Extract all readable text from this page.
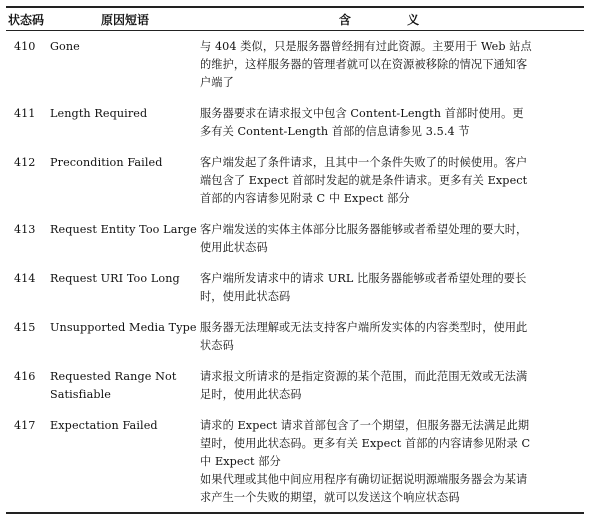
状态码	原因短语	含 义
410	Gone	与 404 类似，只是服务器曾经拥有过此资源。主要用于 Web 站点
的维护，这样服务器的管理者就可以在资源被移除的情况下通知客
户端了

411	Length Required	服务器要求在请求报文中包含 Content-Length 首部时使用。更
多有关 Content-Length 首部的信息请参见 3.5.4 节

412	Precondition Failed	客户端发起了条件请求，且其中一个条件失败了的时候使用。客户
端包含了 Expect 首部时发起的就是条件请求。更多有关 Expect
首部的内容请参见附录 C 中 Expect 部分

413	Request Entity Too Large	客户端发送的实体主体部分比服务器能够或者希望处理的要大时，
使用此状态码

414	Request URI Too Long	客户端所发请求中的请求 URL 比服务器能够或者希望处理的要长
时，使用此状态码

415	Unsupported Media Type	服务器无法理解或无法支持客户端所发实体的内容类型时，使用此
状态码

416	Requested Range Not
Satisfiable	请求报文所请求的是指定资源的某个范围，而此范围无效或无法满
足时，使用此状态码

417	Expectation Failed	请求的 Expect 请求首部包含了一个期望，但服务器无法满足此期
望时，使用此状态码。更多有关 Expect 首部的内容请参见附录 C
中 Expect 部分
如果代理或其他中间应用程序有确切证据说明源端服务器会为某请
求产生一个失败的期望，就可以发送这个响应状态码
